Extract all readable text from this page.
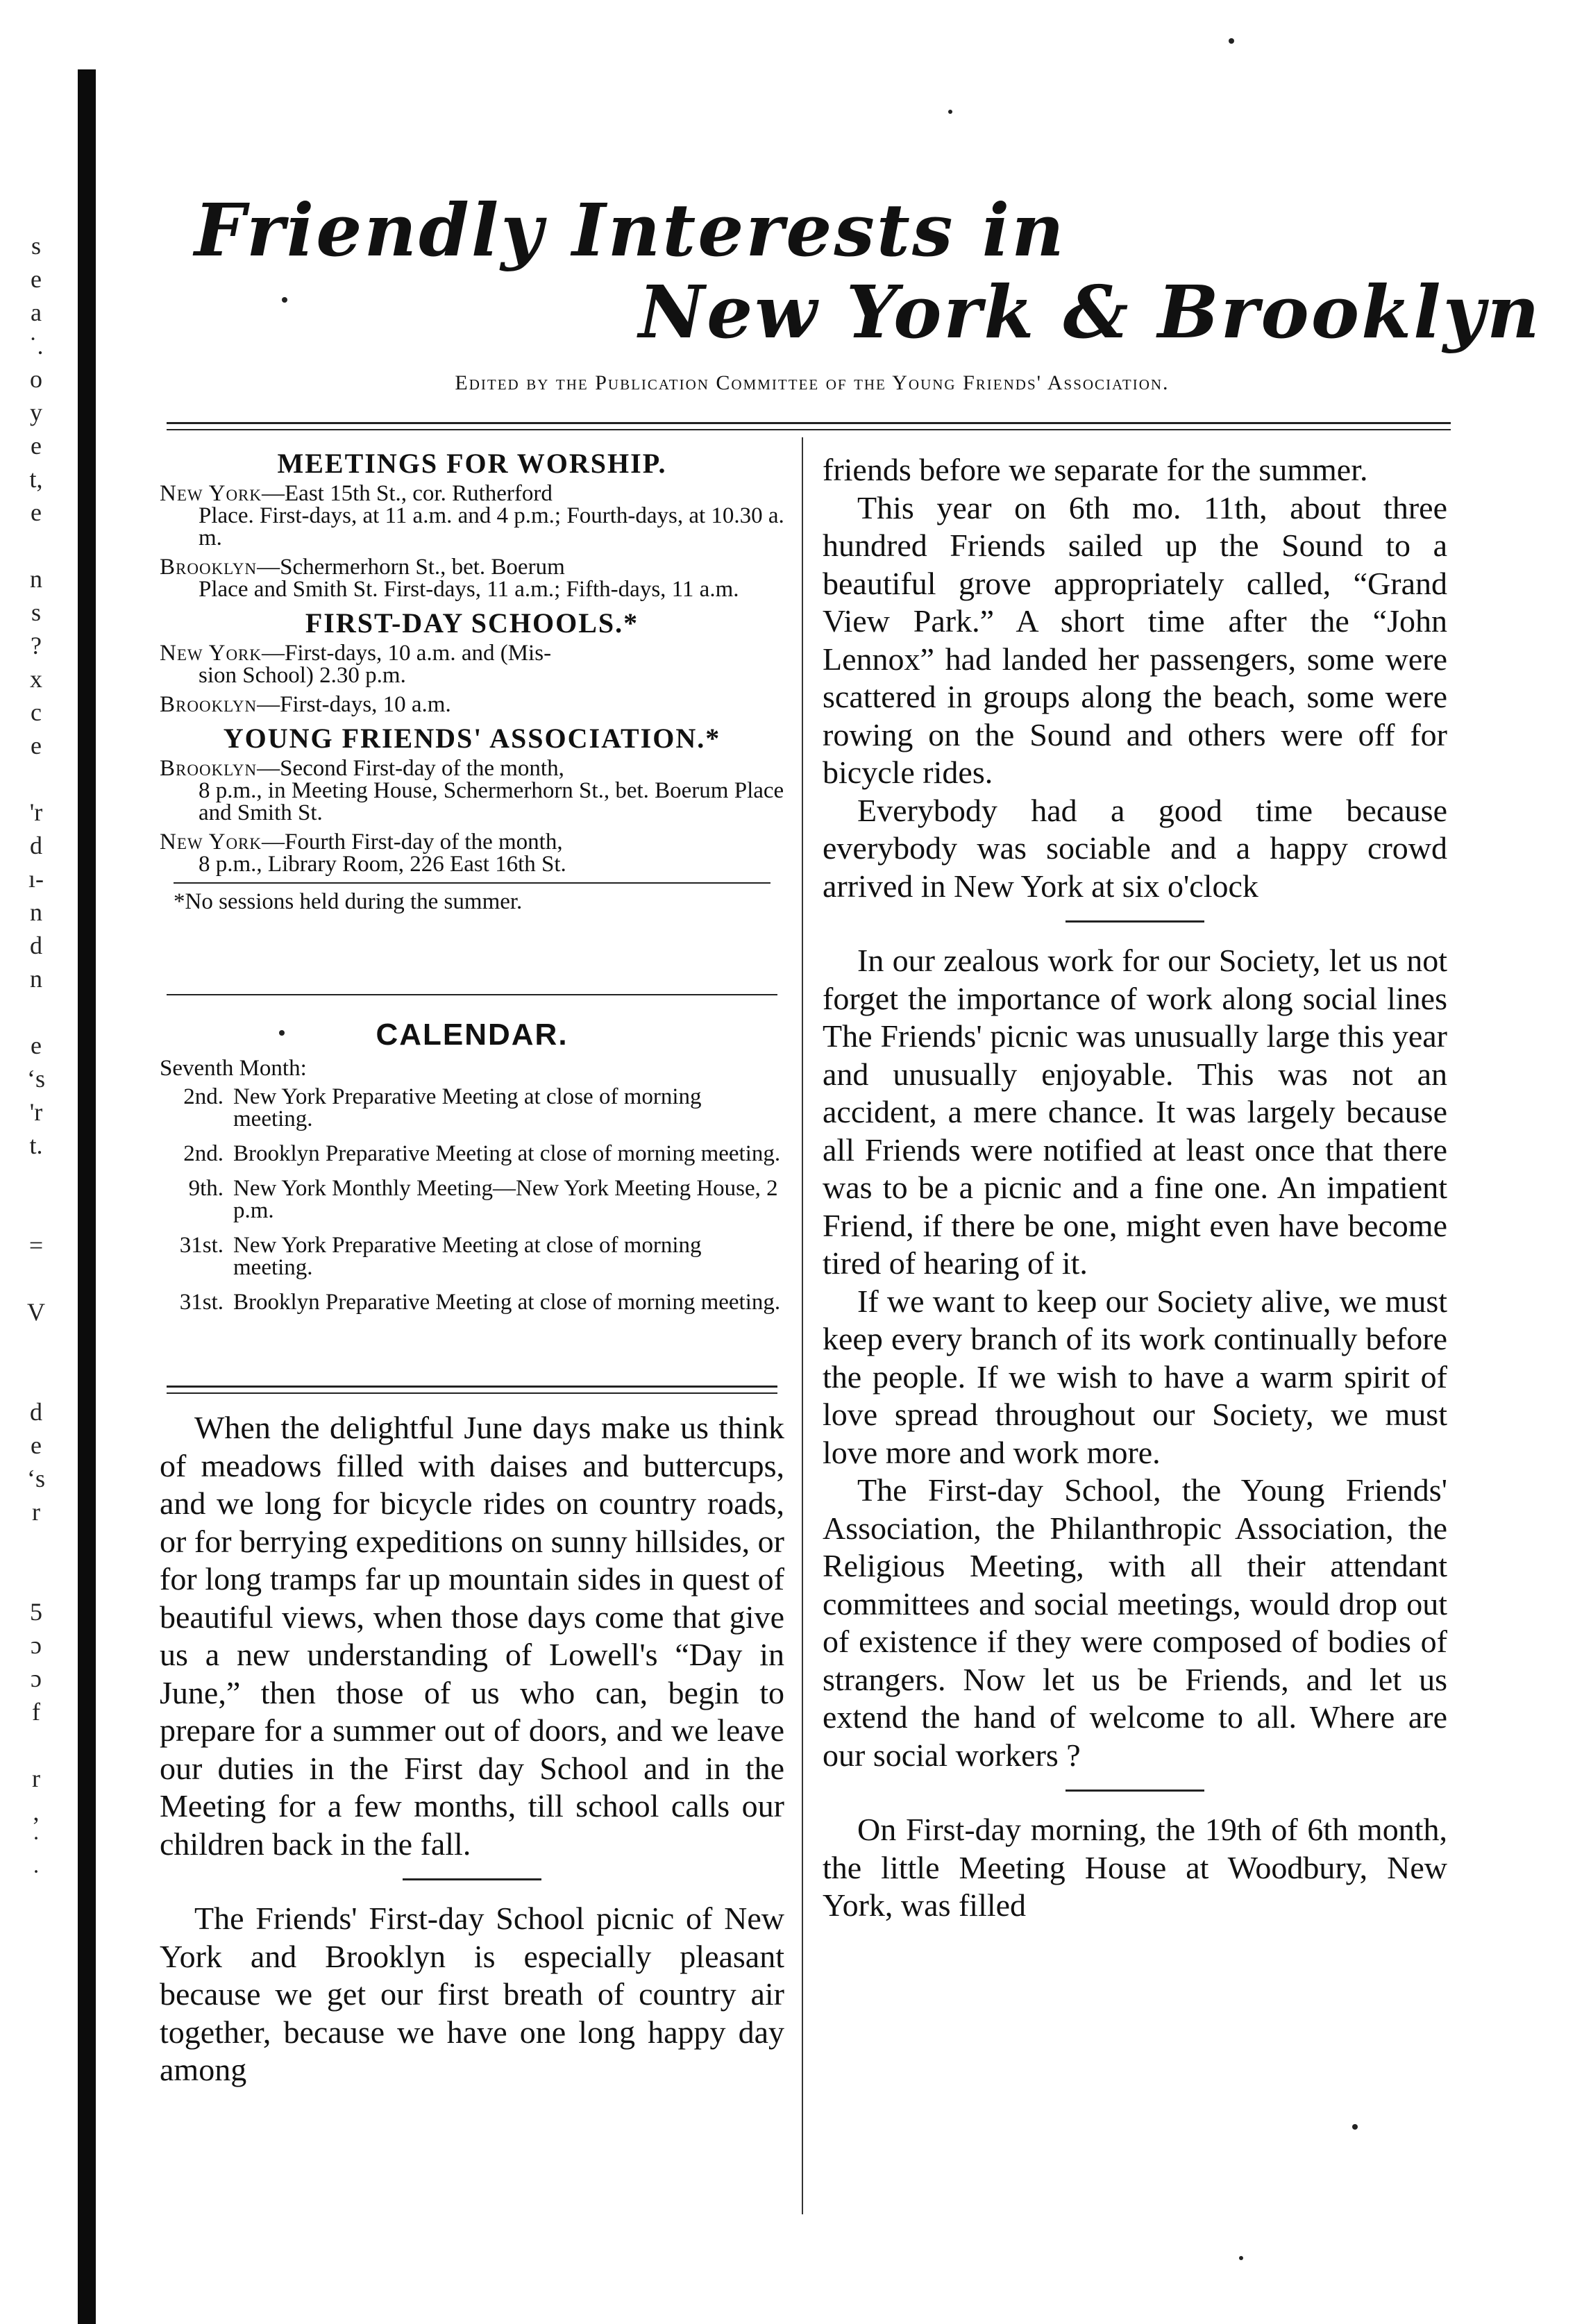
s
e
a
˙.
o
y
e
t,
e

n
s
?
x
c
e

'r
d
ı-
n
d
n

e
ʻs
'r
t.

=

V

d
e
ʻs
r

5
ɔ
ɔ
f

r
,
˙
˙
Friendly Interests in
New York & Brooklyn
Edited by the Publication Committee of the Young Friends' Association.
MEETINGS FOR WORSHIP.
New York—East 15th St., cor. Rutherford
Place. First-days, at 11 a.m. and 4 p.m.; Fourth-days, at 10.30 a. m.
Brooklyn—Schermerhorn St., bet. Boerum
Place and Smith St. First-days, 11 a.m.; Fifth-days, 11 a.m.
FIRST-DAY SCHOOLS.*
New York—First-days, 10 a.m. and (Mis-
sion School) 2.30 p.m.
Brooklyn—First-days, 10 a.m.
YOUNG FRIENDS' ASSOCIATION.*
Brooklyn—Second First-day of the month,
8 p.m., in Meeting House, Schermerhorn St., bet. Boerum Place and Smith St.
New York—Fourth First-day of the month,
8 p.m., Library Room, 226 East 16th St.
*No sessions held during the summer.
CALENDAR.
Seventh Month:
2nd. New York Preparative Meeting at close of morning meeting.
2nd. Brooklyn Preparative Meeting at close of morning meeting.
9th. New York Monthly Meeting—New York Meeting House, 2 p.m.
31st. New York Preparative Meeting at close of morning meeting.
31st. Brooklyn Preparative Meeting at close of morning meeting.

When the delightful June days make us think of meadows filled with daises and buttercups, and we long for bicycle rides on country roads, or for berrying expeditions on sunny hillsides, or for long tramps far up mountain sides in quest of beautiful views, when those days come that give us a new understanding of Lowell's “Day in June,” then those of us who can, begin to prepare for a summer out of doors, and we leave our duties in the First day School and in the Meeting for a few months, till school calls our children back in the fall.

The Friends' First-day School picnic of New York and Brooklyn is especially pleasant because we get our first breath of country air together, because we have one long happy day among

friends before we separate for the summer.

This year on 6th mo. 11th, about three hundred Friends sailed up the Sound to a beautiful grove appropriately called, “Grand View Park.” A short time after the “John Lennox” had landed her passengers, some were scattered in groups along the beach, some were rowing on the Sound and others were off for bicycle rides.

Everybody had a good time because everybody was sociable and a happy crowd arrived in New York at six o'clock

In our zealous work for our Society, let us not forget the importance of work along social lines The Friends' picnic was unusually large this year and unusually enjoyable. This was not an accident, a mere chance. It was largely because all Friends were notified at least once that there was to be a picnic and a fine one. An impatient Friend, if there be one, might even have become tired of hearing of it.

If we want to keep our Society alive, we must keep every branch of its work continually before the people. If we wish to have a warm spirit of love spread throughout our Society, we must love more and work more.

The First-day School, the Young Friends' Association, the Philanthropic Association, the Religious Meeting, with all their attendant committees and social meetings, would drop out of existence if they were composed of bodies of strangers. Now let us be Friends, and let us extend the hand of welcome to all. Where are our social workers ?

On First-day morning, the 19th of 6th month, the little Meeting House at Woodbury, New York, was filled
